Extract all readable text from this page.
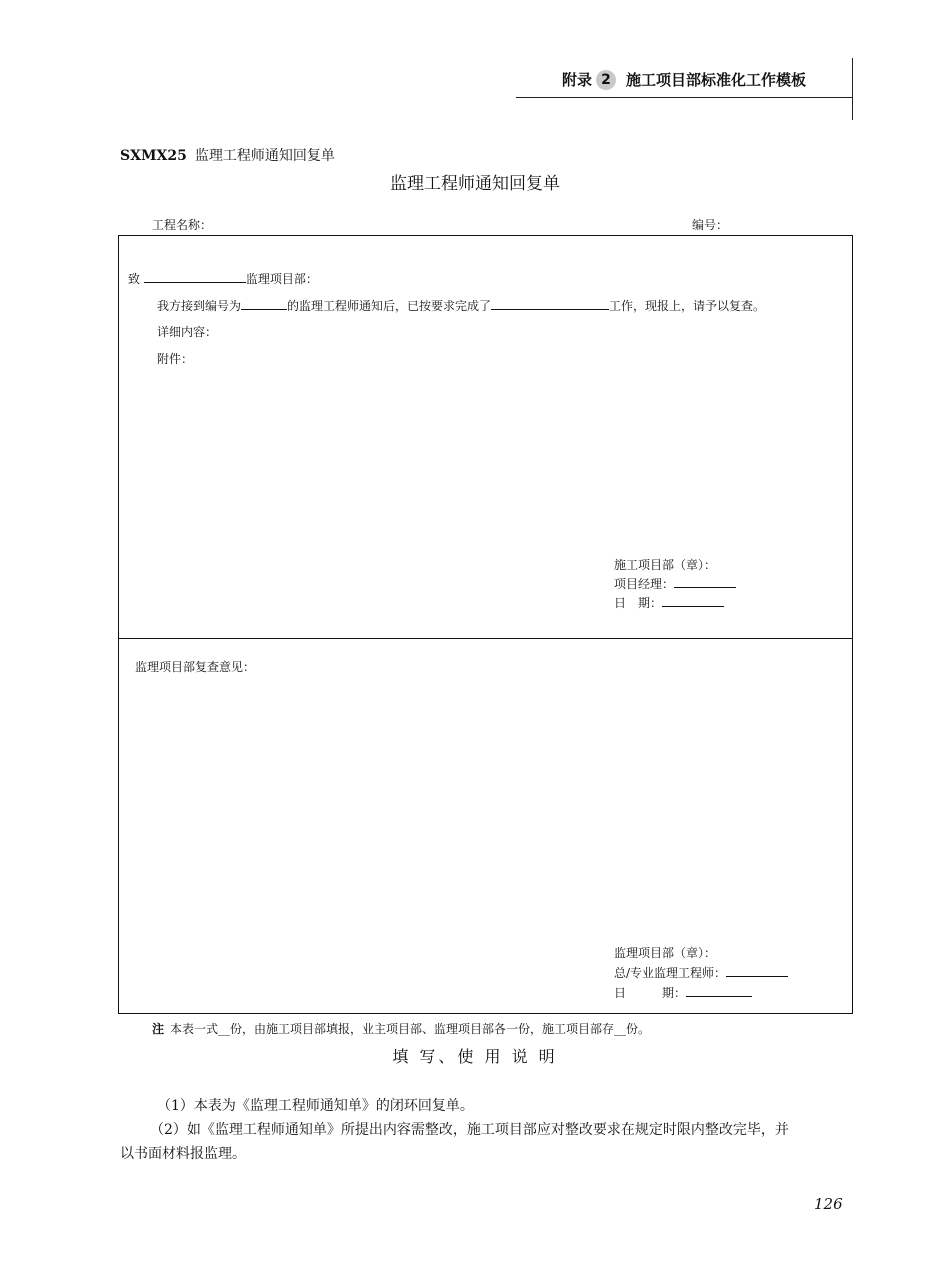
附录 2	施工项目部标准化工作模板
SXMX25 监理工程师通知回复单
监理工程师通知回复单
工程名称：	编号：
致	监理项目部：
我方接到编号为	的监理工程师通知后，已按要求完成了	工作，现报上，请予以复查。
详细内容：
附件：
施工项目部（章）：
项目经理：
日　期：
监理项目部复查意见：
监理项目部（章）：
总/专业监理工程师：
日　　　期：
注 本表一式__份，由施工项目部填报，业主项目部、监理项目部各一份，施工项目部存__份。
填 写、使 用 说 明
（1）本表为《监理工程师通知单》的闭环回复单。
（2）如《监理工程师通知单》所提出内容需整改，施工项目部应对整改要求在规定时限内整改完毕，并
以书面材料报监理。
126
